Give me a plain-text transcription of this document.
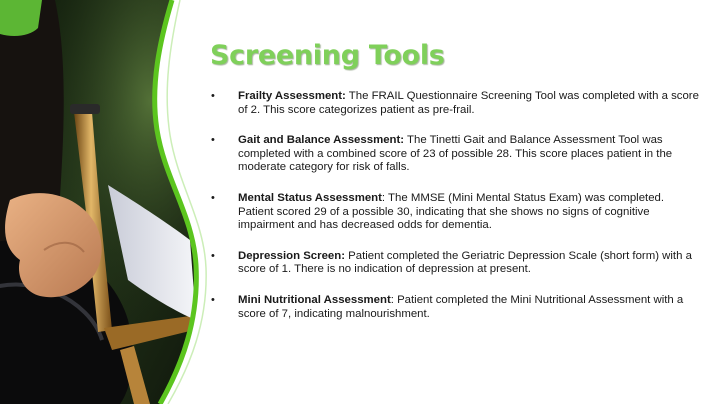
Screening Tools
•	Frailty Assessment: The FRAIL Questionnaire Screening Tool was completed with a score of 2. This score categorizes patient as pre-frail.
•	Gait and Balance Assessment: The Tinetti Gait and Balance Assessment Tool was completed with a combined score of 23 of possible 28. This score places patient in the moderate category for risk of falls.
•	Mental Status Assessment: The MMSE (Mini Mental Status Exam) was completed. Patient scored 29 of a possible 30, indicating that she shows no signs of cognitive impairment and has decreased odds for dementia.
•	Depression Screen: Patient completed the Geriatric Depression Scale (short form) with a score of 1. There is no indication of depression at present.
•	Mini Nutritional Assessment: Patient completed the Mini Nutritional Assessment with a score of 7, indicating malnourishment.
